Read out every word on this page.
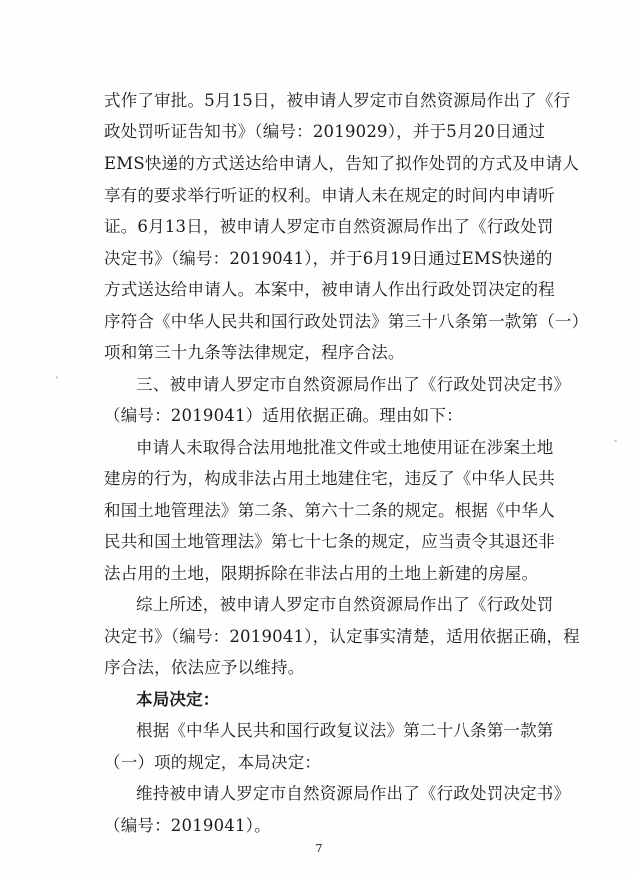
式作了审批。5月15日，被申请人罗定市自然资源局作出了《行
政处罚听证告知书》（编号：2019029），并于5月20日通过
EMS快递的方式送达给申请人，告知了拟作处罚的方式及申请人
享有的要求举行听证的权利。申请人未在规定的时间内申请听
证。6月13日，被申请人罗定市自然资源局作出了《行政处罚
决定书》（编号：2019041），并于6月19日通过EMS快递的
方式送达给申请人。本案中，被申请人作出行政处罚决定的程
序符合《中华人民共和国行政处罚法》第三十八条第一款第（一）
项和第三十九条等法律规定，程序合法。
三、被申请人罗定市自然资源局作出了《行政处罚决定书》
（编号：2019041）适用依据正确。理由如下：
申请人未取得合法用地批准文件或土地使用证在涉案土地
建房的行为，构成非法占用土地建住宅，违反了《中华人民共
和国土地管理法》第二条、第六十二条的规定。根据《中华人
民共和国土地管理法》第七十七条的规定，应当责令其退还非
法占用的土地，限期拆除在非法占用的土地上新建的房屋。
综上所述，被申请人罗定市自然资源局作出了《行政处罚
决定书》（编号：2019041），认定事实清楚，适用依据正确，程
序合法，依法应予以维持。
本局决定：
根据《中华人民共和国行政复议法》第二十八条第一款第
（一）项的规定，本局决定：
维持被申请人罗定市自然资源局作出了《行政处罚决定书》
（编号：2019041）。
7
